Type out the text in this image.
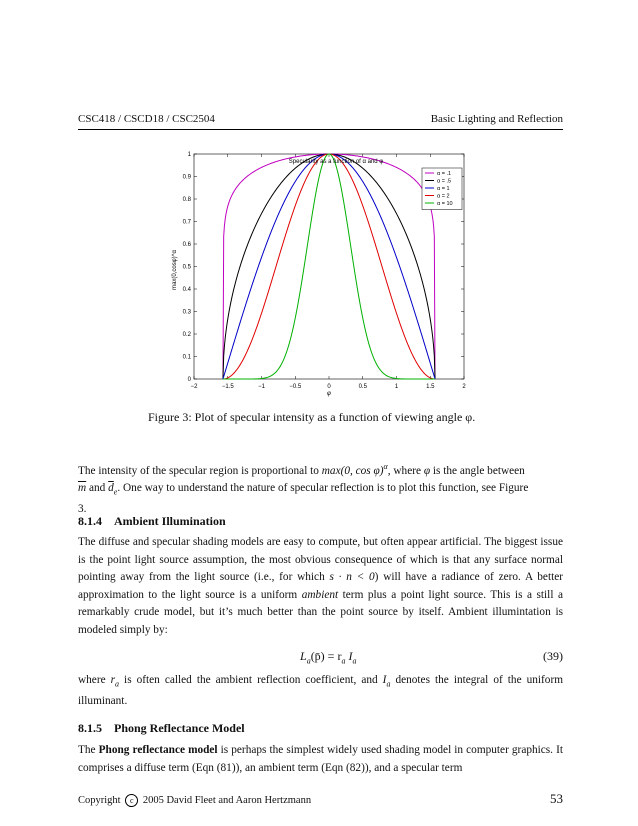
CSC418 / CSCD18 / CSC2504	Basic Lighting and Reflection
−2	−1.5	−1	−0.5	0	0.5	1	1.5	2
0
0.1
0.2
0.3
0.4
0.5
0.6
0.7
0.8
0.9
1
α = .1
α = .5
α = 1
α = 2
α = 10
Specularity as a function of α and φ
φ
max(0,cosφ)^α
Figure 3: Plot of specular intensity as a function of viewing angle φ.

The intensity of the specular region is proportional to max(0, cos φ)$^\alpha$, where φ is the angle between
$\overline{m}$ and $\overline{d}_e$. One way to understand the nature of specular reflection is to plot this function, see Figure
3.

8.1.4 Ambient Illumination

The diffuse and specular shading models are easy to compute, but often appear artificial. The biggest issue is the point light source assumption, the most obvious consequence of which is that any surface normal pointing away from the light source (i.e., for which s · n < 0) will have a radiance of zero. A better approximation to the light source is a uniform ambient term plus a point light source. This is a still a remarkably crude model, but it’s much better than the point source by itself. Ambient illumintation is modeled simply by:

$L_a(p̄) = r_a$ $I_a$	(39)

where $r_a$ is often called the ambient reflection coefficient, and $I_a$ denotes the integral of the uniform illuminant.

8.1.5 Phong Reflectance Model

The Phong reflectance model is perhaps the simplest widely used shading model in computer graphics. It comprises a diffuse term (Eqn (81)), an ambient term (Eqn (82)), and a specular term

Copyright c 2005 David Fleet and Aaron Hertzmann	53
